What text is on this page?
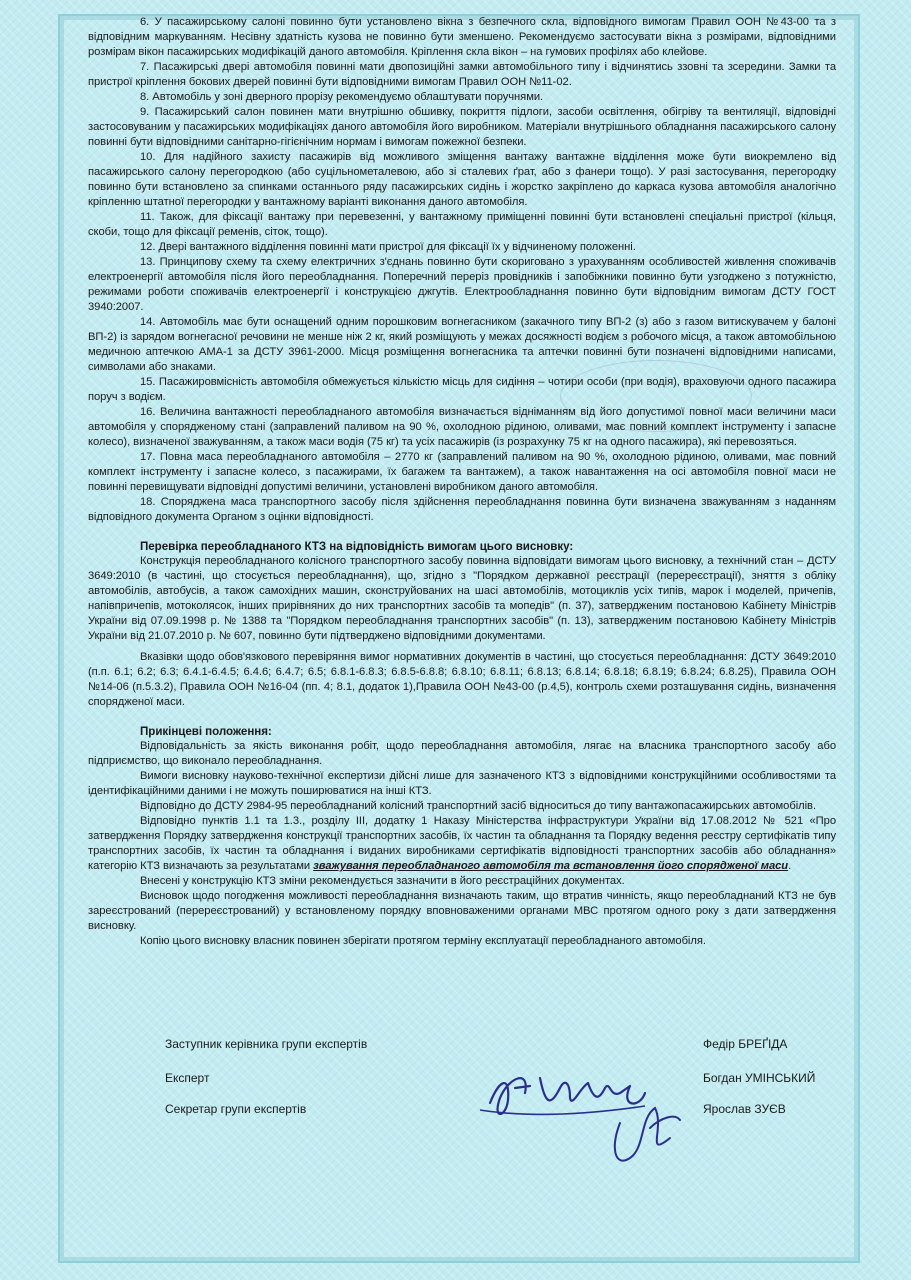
6. У пасажирському салоні повинно бути установлено вікна з безпечного скла, відповідного вимогам Правил ООН №43-00 та з відповідним маркуванням. Несівну здатність кузова не повинно бути зменшено. Рекомендуємо застосувати вікна з розмірами, відповідними розмірам вікон пасажирських модифікацій даного автомобіля. Кріплення скла вікон – на гумових профілях або клейове.

7. Пасажирські двері автомобіля повинні мати двопозиційні замки автомобільного типу і відчинятись ззовні та зсередини. Замки та пристрої кріплення бокових дверей повинні бути відповідними вимогам Правил ООН №11-02.

8. Автомобіль у зоні дверного прорізу рекомендуємо облаштувати поручнями.

9. Пасажирський салон повинен мати внутрішню обшивку, покриття підлоги, засоби освітлення, обігріву та вентиляції, відповідні застосовуваним у пасажирських модифікаціях даного автомобіля його виробником. Матеріали внутрішнього обладнання пасажирського салону повинні бути відповідними санітарно-гігієнічним нормам і вимогам пожежної безпеки.

10. Для надійного захисту пасажирів від можливого зміщення вантажу вантажне відділення може бути виокремлено від пасажирського салону перегородкою (або суцільнометалевою, або зі сталевих ґрат, або з фанери тощо). У разі застосування, перегородку повинно бути встановлено за спинками останнього ряду пасажирських сидінь і жорстко закріплено до каркаса кузова автомобіля аналогічно кріпленню штатної перегородки у вантажному варіанті виконання даного автомобіля.

11. Також, для фіксації вантажу при перевезенні, у вантажному приміщенні повинні бути встановлені спеціальні пристрої (кільця, скоби, тощо для фіксації ременів, сіток, тощо).

12. Двері вантажного відділення повинні мати пристрої для фіксації їх у відчиненому положенні.

13. Принципову схему та схему електричних з'єднань повинно бути скориговано з урахуванням особливостей живлення споживачів електроенергії автомобіля після його переобладнання. Поперечний переріз провідників і запобіжники повинно бути узгоджено з потужністю, режимами роботи споживачів електроенергії і конструкцією джгутів. Електрообладнання повинно бути відповідним вимогам ДСТУ ГОСТ 3940:2007.

14. Автомобіль має бути оснащений одним порошковим вогнегасником (закачного типу ВП-2 (з) або з газом витискувачем у балоні ВП-2) із зарядом вогнегасної речовини не менше ніж 2 кг, який розміщують у межах досяжності водієм з робочого місця, а також автомобільною медичною аптечкою АМА-1 за ДСТУ 3961-2000. Місця розміщення вогнегасника та аптечки повинні бути позначені відповідними написами, символами або знаками.

15. Пасажировмісність автомобіля обмежується кількістю місць для сидіння – чотири особи (при водія), враховуючи одного пасажира поруч з водієм.

16. Величина вантажності переобладнаного автомобіля визначається відніманням від його допустимої повної маси величини маси автомобіля у спорядженому стані (заправлений паливом на 90 %, охолодною рідиною, оливами, має повний комплект інструменту і запасне колесо), визначеної зважуванням, а також маси водія (75 кг) та усіх пасажирів (із розрахунку 75 кг на одного пасажира), які перевозяться.

17. Повна маса переобладнаного автомобіля – 2770 кг (заправлений паливом на 90 %, охолодною рідиною, оливами, має повний комплект інструменту і запасне колесо, з пасажирами, їх багажем та вантажем), а також навантаження на осі автомобіля повної маси не повинні перевищувати відповідні допустимі величини, установлені виробником даного автомобіля.

18. Споряджена маса транспортного засобу після здійснення переобладнання повинна бути визначена зважуванням з наданням відповідного документа Органом з оцінки відповідності.

Перевірка переобладнаного КТЗ на відповідність вимогам цього висновку:

Конструкція переобладнаного колісного транспортного засобу повинна відповідати вимогам цього висновку, а технічний стан – ДСТУ 3649:2010 (в частині, що стосується переобладнання), що, згідно з "Порядком державної реєстрації (перереєстрації), зняття з обліку автомобілів, автобусів, а також самохідних машин, сконструйованих на шасі автомобілів, мотоциклів усіх типів, марок і моделей, причепів, напівпричепів, мотоколясок, інших прирівняних до них транспортних засобів та мопедів" (п. 37), затвердженим постановою Кабінету Міністрів України від 07.09.1998 р. № 1388 та "Порядком переобладнання транспортних засобів" (п. 13), затвердженим постановою Кабінету Міністрів України від 21.07.2010 р. № 607, повинно бути підтверджено відповідними документами.

Вказівки щодо обов'язкового перевіряння вимог нормативних документів в частині, що стосується переобладнання: ДСТУ 3649:2010 (п.п. 6.1; 6.2; 6.3; 6.4.1-6.4.5; 6.4.6; 6.4.7; 6.5; 6.8.1-6.8.3; 6.8.5-6.8.8; 6.8.10; 6.8.11; 6.8.13; 6.8.14; 6.8.18; 6.8.19; 6.8.24; 6.8.25), Правила ООН №14-06 (п.5.3.2), Правила ООН №16-04 (пп. 4; 8.1, додаток 1),Правила ООН №43-00 (р.4,5), контроль схеми розташування сидінь, визначення спорядженої маси.

Прикінцеві положення:

Відповідальність за якість виконання робіт, щодо переобладнання автомобіля, лягає на власника транспортного засобу або підприємство, що виконало переобладнання.

Вимоги висновку науково-технічної експертизи дійсні лише для зазначеного КТЗ з відповідними конструкційними особливостями та ідентифікаційними даними і не можуть поширюватися на інші КТЗ.

Відповідно до ДСТУ 2984-95 переобладнаний колісний транспортний засіб відноситься до типу вантажопасажирських автомобілів.

Відповідно пунктів 1.1 та 1.3., розділу III, додатку 1 Наказу Міністерства інфраструктури України від 17.08.2012 № 521 «Про затвердження Порядку затвердження конструкції транспортних засобів, їх частин та обладнання та Порядку ведення реєстру сертифікатів типу транспортних засобів, їх частин та обладнання і виданих виробниками сертифікатів відповідності транспортних засобів або обладнання» категорію КТЗ визначають за результатами зважування переобладнаного автомобіля та встановлення його спорядженої маси.

Внесені у конструкцію КТЗ зміни рекомендується зазначити в його реєстраційних документах.

Висновок щодо погодження можливості переобладнання визначають таким, що втратив чинність, якщо переобладнаний КТЗ не був зареєстрований (перереєстрований) у встановленому порядку вповноваженими органами МВС протягом одного року з дати затвердження висновку.

Копію цього висновку власник повинен зберігати протягом терміну експлуатації переобладнаного автомобіля.

Заступник керівника групи експертів	Федір БРЕҐІДА
Експерт	Богдан УМІНСЬКИЙ
Секретар групи експертів	Ярослав ЗУЄВ
